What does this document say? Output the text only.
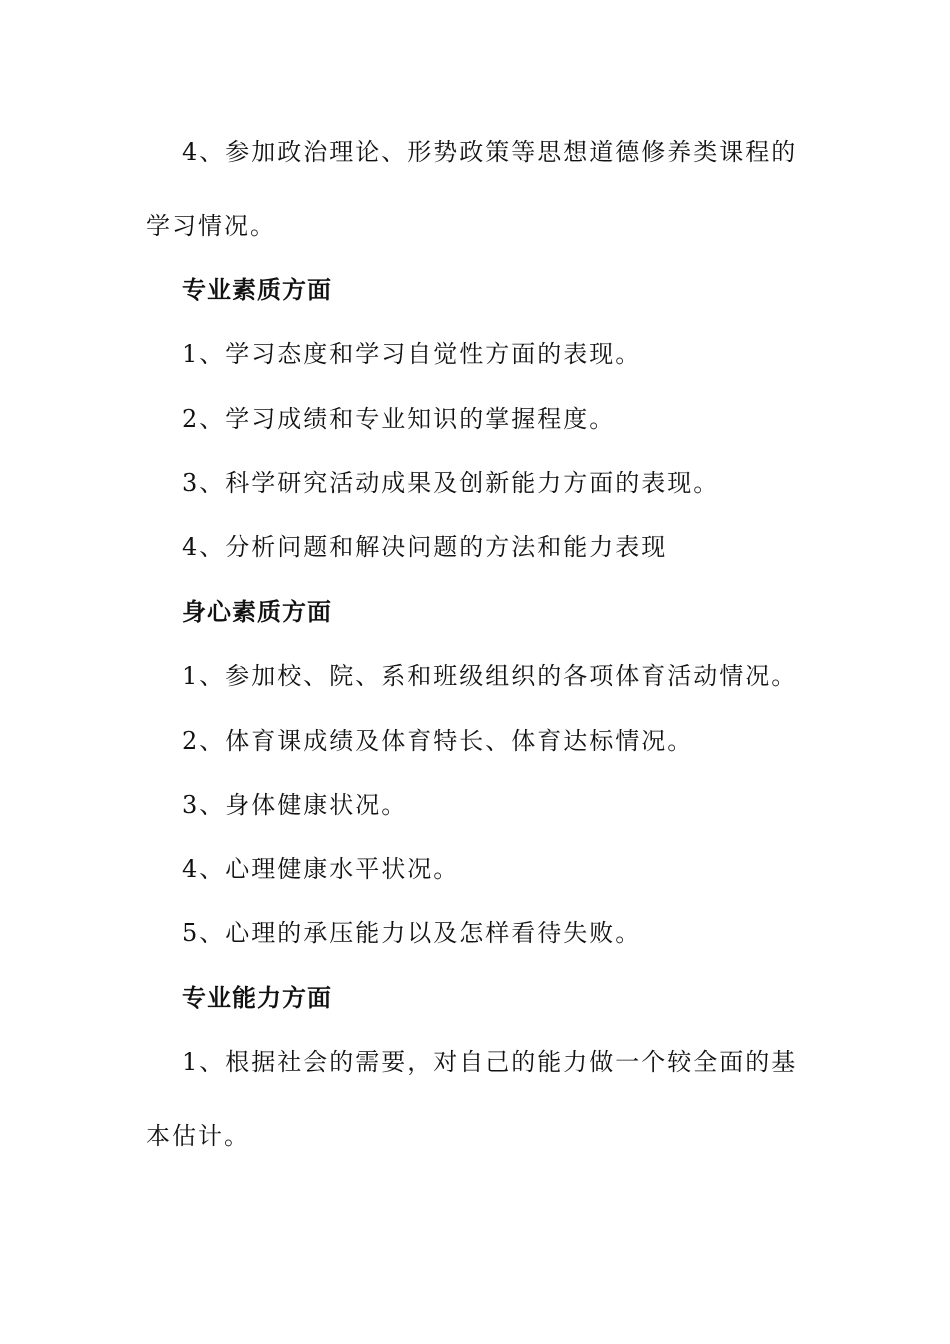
4、参加政治理论、形势政策等思想道德修养类课程的
学习情况。
专业素质方面
1、学习态度和学习自觉性方面的表现。
2、学习成绩和专业知识的掌握程度。
3、科学研究活动成果及创新能力方面的表现。
4、分析问题和解决问题的方法和能力表现
身心素质方面
1、参加校、院、系和班级组织的各项体育活动情况。
2、体育课成绩及体育特长、体育达标情况。
3、身体健康状况。
4、心理健康水平状况。
5、心理的承压能力以及怎样看待失败。
专业能力方面
1、根据社会的需要，对自己的能力做一个较全面的基
本估计。
